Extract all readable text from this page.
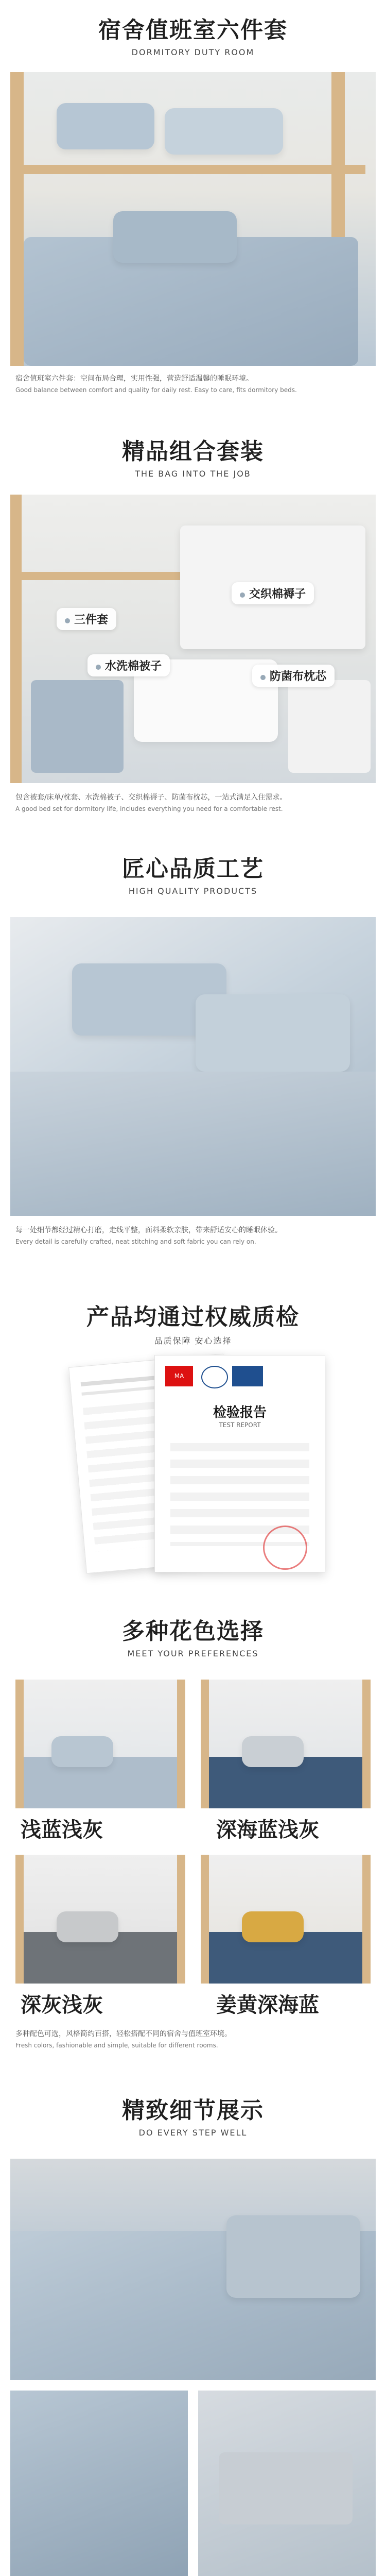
宿舍值班室六件套
DORMITORY DUTY ROOM
宿舍值班室六件套：空间布局合理，实用性强，营造舒适温馨的睡眠环境。
Good balance between comfort and quality for daily rest. Easy to care, fits dormitory beds.
精品组合套装
THE BAG INTO THE JOB
三件套
交织棉褥子
水洗棉被子
防菌布枕芯
包含被套/床单/枕套、水洗棉被子、交织棉褥子、防菌布枕芯，一站式满足入住需求。
A good bed set for dormitory life, includes everything you need for a comfortable rest.
匠心品质工艺
HIGH QUALITY PRODUCTS
每一处细节都经过精心打磨，走线平整，面料柔软亲肤，带来舒适安心的睡眠体验。
Every detail is carefully crafted, neat stitching and soft fabric you can rely on.
产品均通过权威质检
品质保障 安心选择
MA
检验报告
TEST REPORT
多种花色选择
MEET YOUR PREFERENCES
浅蓝浅灰	深海蓝浅灰
深灰浅灰	姜黄深海蓝
多种配色可选，风格简约百搭，轻松搭配不同的宿舍与值班室环境。
Fresh colors, fashionable and simple, suitable for different rooms.
精致细节展示
DO EVERY STEP WELL
